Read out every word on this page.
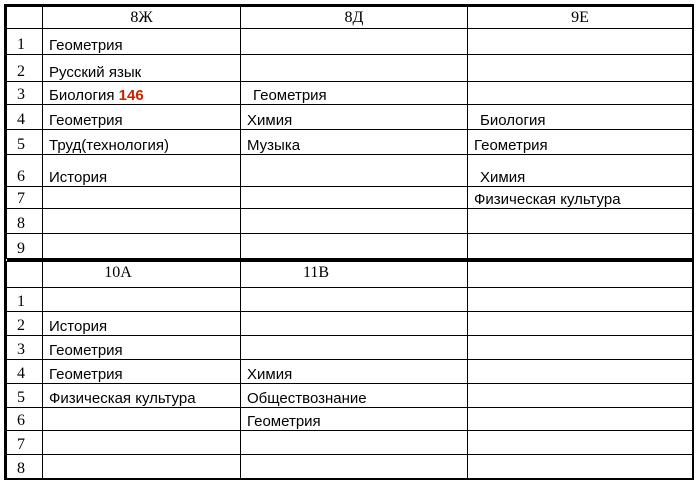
	8Ж	8Д	9Е
1	Геометрия		
2	Русский язык		
3	Биология 146	Геометрия	
4	Геометрия	Химия	Биология
5	Труд(технология)	Музыка	Геометрия
6	История		Химия
7			Физическая культура
8			
9			

	10А	11В	
1			
2	История		
3	Геометрия		
4	Геометрия	Химия	
5	Физическая культура	Обществознание	
6		Геометрия	
7			
8			
